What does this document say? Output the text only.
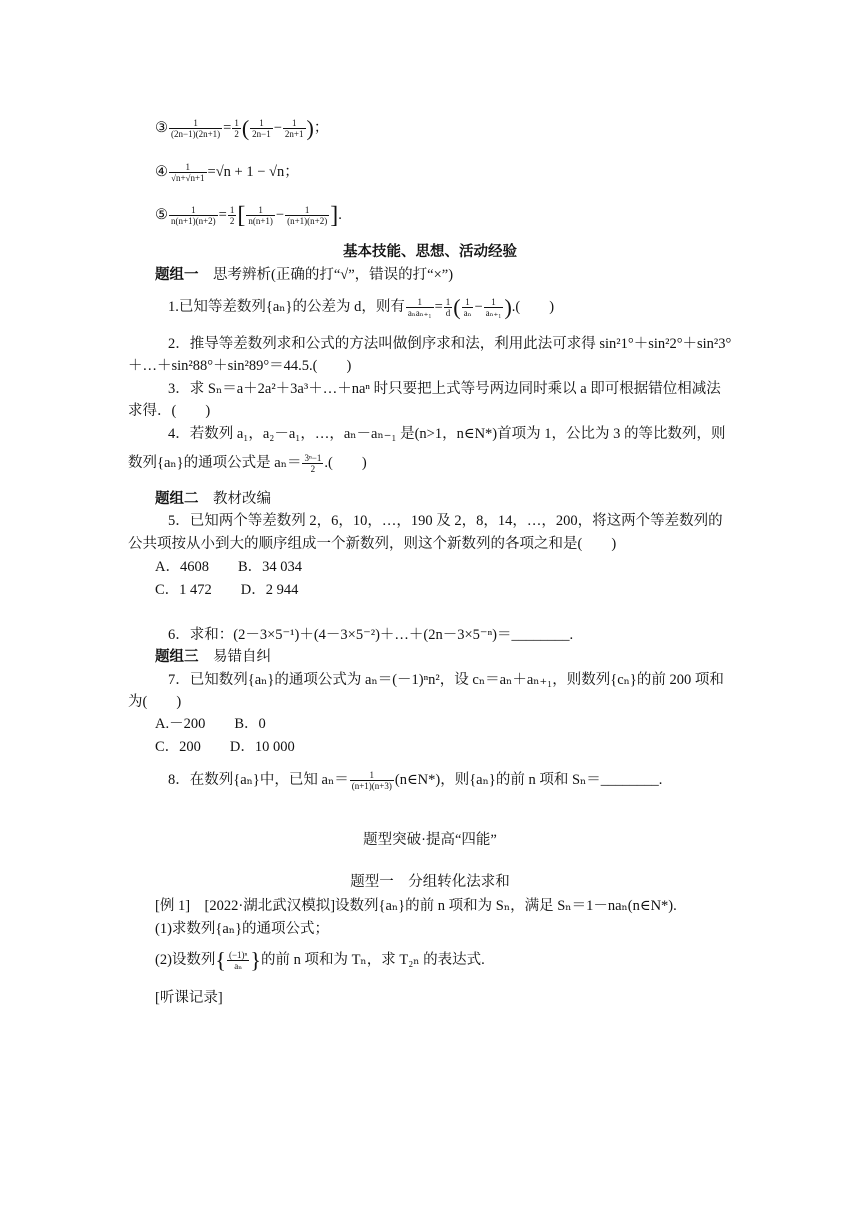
③ $\frac{1}{(2n-1)(2n+1)} = \frac{1}{2}$ ( $\frac{1}{2n-1} - \frac{1}{2n+1}$ )；
④ $\frac{1}{√n+√n+1} =√n + 1 - √n$；
⑤ $\frac{1}{n(n+1)(n+2)} = \frac{1}{2}$ [ $\frac{1}{n(n+1)} - \frac{1}{(n+1)(n+2)}$ ].
基本技能、思想、活动经验
题组一　 思考辨析(正确的打“√”，错误的打“×”)
1.已知等差数列{aₙ}的公差为 d，则有 $\frac{1}{\text{aₙaₙ₊₁}} = \frac{1}{d}$ ( $\frac{1}{\text{aₙ}} - \frac{1}{\text{aₙ₊₁}}$ ).(　　)
2．推导等差数列求和公式的方法叫做倒序求和法，利用此法可求得 sin²1°＋sin²2°＋sin²3°
＋…＋sin²88°＋sin²89°＝44.5.(　　)
3．求 Sₙ＝a＋2a²＋3a³＋…＋naⁿ 时只要把上式等号两边同时乘以 a 即可根据错位相减法
求得．(　　)
4．若数列 a₁，a₂－a₁，…，aₙ－aₙ₋₁ 是(n>1，n∈N*)首项为 1，公比为 3 的等比数列，则
数列{aₙ}的通项公式是 $a_n= \frac{\text{3ⁿ−1}}{2}$ .(　　)
题组二　 教材改编
5．已知两个等差数列 2，6，10，…，190 及 2，8，14，…，200，将这两个等差数列的
公共项按从小到大的顺序组成一个新数列，则这个新数列的各项之和是(　　)
A．4608　　B．34 034
C．1 472　　D．2 944
6．求和：(2－3×5⁻¹)＋(4－3×5⁻²)＋…＋(2n－3×5⁻ⁿ)＝________.
题组三　 易错自纠
7．已知数列{aₙ}的通项公式为 aₙ＝(－1)ⁿn²，设 cₙ＝aₙ＋aₙ₊₁，则数列{cₙ}的前 200 项和
为(　　)
A.－200　　B．0
C．200　　D．10 000
8．在数列{aₙ}中，已知 $a_n= \frac{1}{(n+1)(n+3)}$ (n∈N*)，则{aₙ}的前 n 项和 Sₙ＝________.
题型突破·提高“四能”
题型一　分组转化法求和
[例 1]　[2022·湖北武汉模拟]设数列{aₙ}的前 n 项和为 Sₙ，满足 Sₙ＝1－naₙ(n∈N*).
(1)求数列{aₙ}的通项公式；
(2)设数列{ $\frac{\text{(−1)ⁿ}}{\text{aₙ}}$ }的前 n 项和为 Tₙ，求 T₂ₙ 的表达式.
[听课记录]
